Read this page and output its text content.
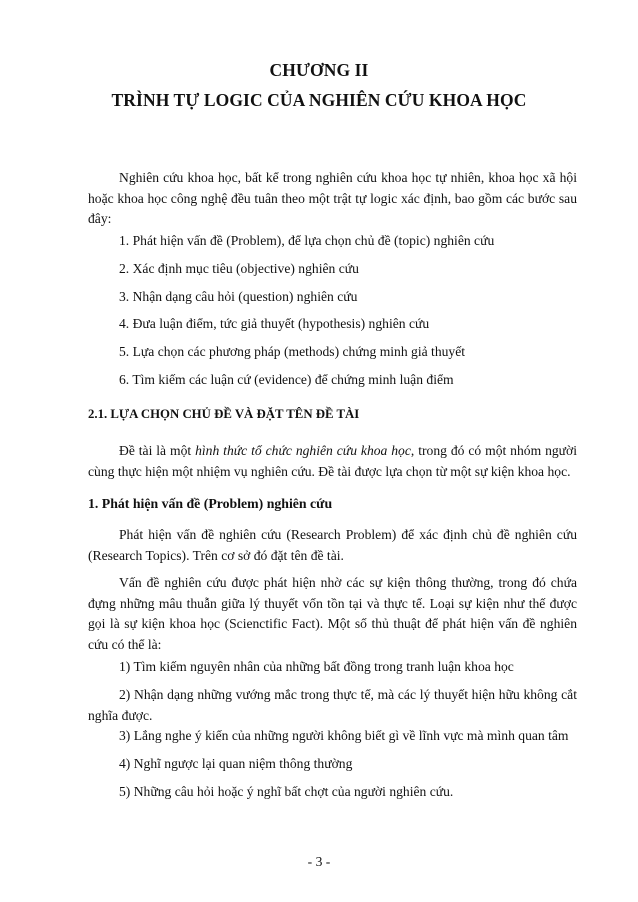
CHƯƠNG II
TRÌNH TỰ LOGIC CỦA NGHIÊN CỨU KHOA HỌC

Nghiên cứu khoa học, bất kể trong nghiên cứu khoa học tự nhiên, khoa học xã hội hoặc khoa học công nghệ đều tuân theo một trật tự logic xác định, bao gồm các bước sau đây:

1. Phát hiện vấn đề (Problem), để lựa chọn chủ đề (topic) nghiên cứu

2. Xác định mục tiêu (objective) nghiên cứu

3. Nhận dạng câu hỏi (question) nghiên cứu

4. Đưa luận điểm, tức giả thuyết (hypothesis) nghiên cứu

5. Lựa chọn các phương pháp (methods) chứng minh giả thuyết

6. Tìm kiếm các luận cứ (evidence) để chứng minh luận điểm

2.1. LỰA CHỌN CHỦ ĐỀ VÀ ĐẶT TÊN ĐỀ TÀI

Đề tài là một hình thức tổ chức nghiên cứu khoa học, trong đó có một nhóm người cùng thực hiện một nhiệm vụ nghiên cứu. Đề tài được lựa chọn từ một sự kiện khoa học.

1. Phát hiện vấn đề (Problem) nghiên cứu

Phát hiện vấn đề nghiên cứu (Research Problem) để xác định chủ đề nghiên cứu (Research Topics). Trên cơ sở đó đặt tên đề tài.

Vấn đề nghiên cứu được phát hiện nhờ các sự kiện thông thường, trong đó chứa đựng những mâu thuẫn giữa lý thuyết vốn tồn tại và thực tế. Loại sự kiện như thế được gọi là sự kiện khoa học (Scienctific Fact). Một số thủ thuật để phát hiện vấn đề nghiên cứu có thể là:

1) Tìm kiếm nguyên nhân của những bất đồng trong tranh luận khoa học

2) Nhận dạng những vướng mắc trong thực tế, mà các lý thuyết hiện hữu không cắt nghĩa được.

3) Lắng nghe ý kiến của những người không biết gì về lĩnh vực mà mình quan tâm

4) Nghĩ ngược lại quan niệm thông thường

5) Những câu hỏi hoặc ý nghĩ bất chợt của người nghiên cứu.

- 3 -
